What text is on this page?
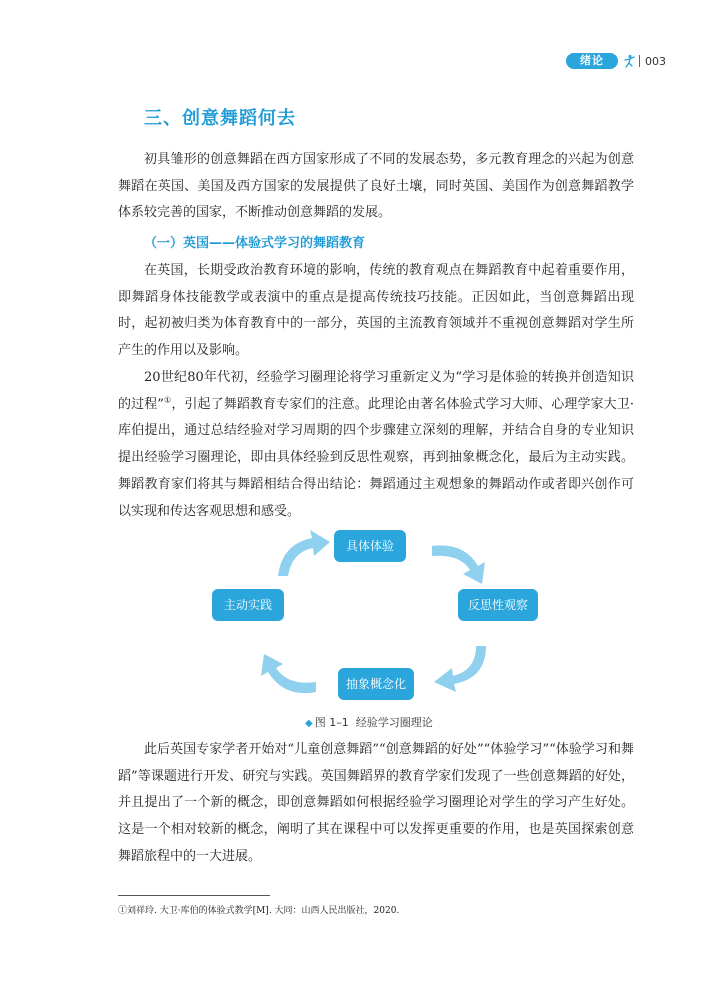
绪论	003
三、创意舞蹈何去

初具雏形的创意舞蹈在西方国家形成了不同的发展态势，多元教育理念的兴起为创意舞蹈在英国、美国及西方国家的发展提供了良好土壤，同时英国、美国作为创意舞蹈教学体系较完善的国家，不断推动创意舞蹈的发展。

（一）英国——体验式学习的舞蹈教育

在英国，长期受政治教育环境的影响，传统的教育观点在舞蹈教育中起着重要作用，即舞蹈身体技能教学或表演中的重点是提高传统技巧技能。正因如此，当创意舞蹈出现时，起初被归类为体育教育中的一部分，英国的主流教育领域并不重视创意舞蹈对学生所产生的作用以及影响。

20世纪80年代初，经验学习圈理论将学习重新定义为“学习是体验的转换并创造知识的过程”①，引起了舞蹈教育专家们的注意。此理论由著名体验式学习大师、心理学家大卫·库伯提出，通过总结经验对学习周期的四个步骤建立深刻的理解，并结合自身的专业知识提出经验学习圈理论，即由具体经验到反思性观察，再到抽象概念化，最后为主动实践。舞蹈教育家们将其与舞蹈相结合得出结论：舞蹈通过主观想象的舞蹈动作或者即兴创作可以实现和传达客观思想和感受。

具体体验
反思性观察
抽象概念化
主动实践

◆ 图 1–1 经验学习圈理论

此后英国专家学者开始对“儿童创意舞蹈”“创意舞蹈的好处”“体验学习”“体验学习和舞蹈”等课题进行开发、研究与实践。英国舞蹈界的教育学家们发现了一些创意舞蹈的好处，并且提出了一个新的概念，即创意舞蹈如何根据经验学习圈理论对学生的学习产生好处。这是一个相对较新的概念，阐明了其在课程中可以发挥更重要的作用，也是英国探索创意舞蹈旅程中的一大进展。

①刘祥玲. 大卫·库伯的体验式教学[M]. 大同：山西人民出版社，2020.
